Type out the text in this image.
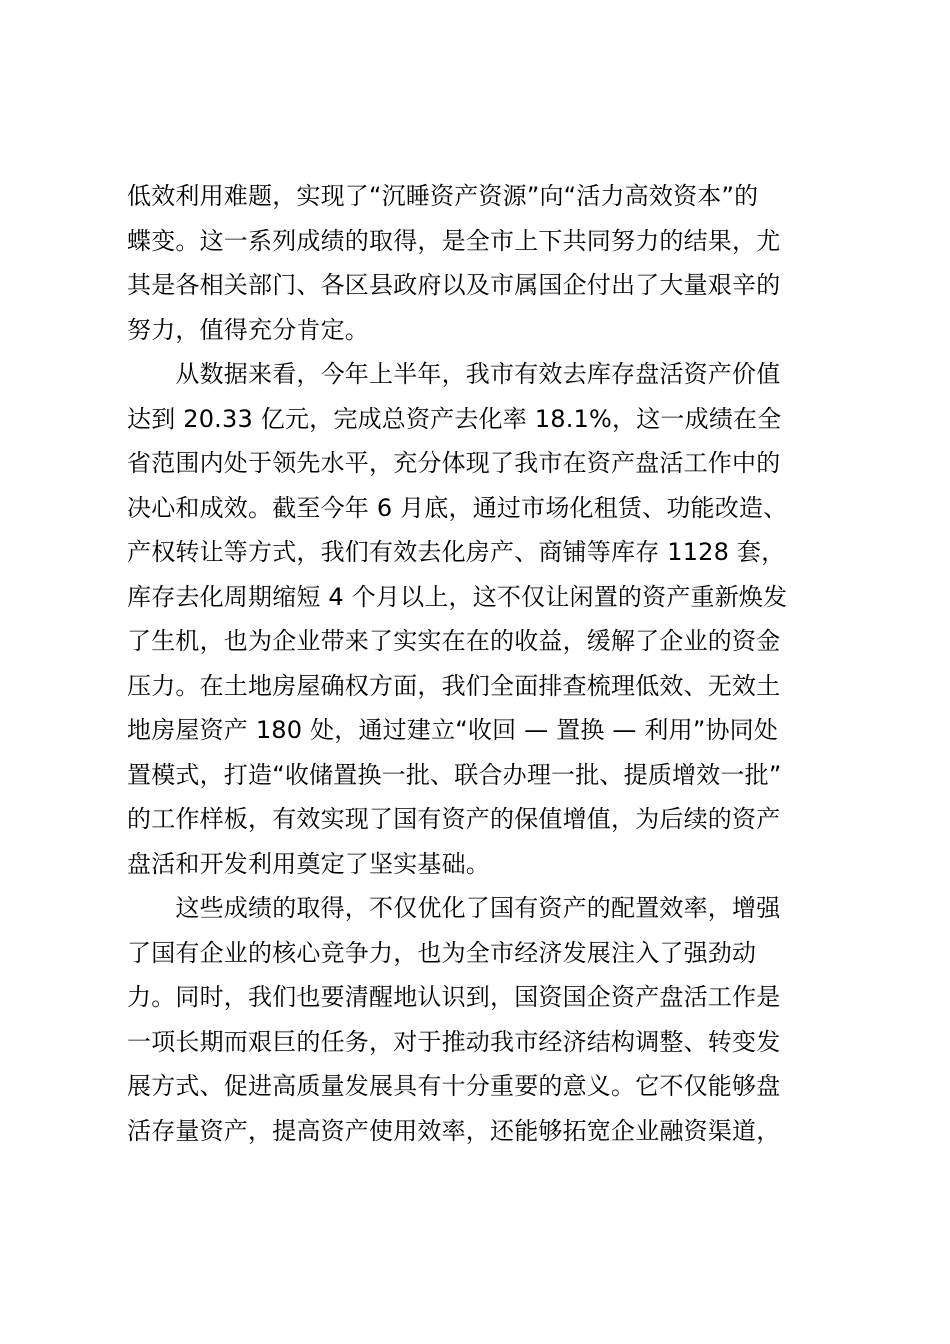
低效利用难题，实现了“沉睡资产资源”向“活力高效资本”的
蝶变。这一系列成绩的取得，是全市上下共同努力的结果，尤
其是各相关部门、各区县政府以及市属国企付出了大量艰辛的
努力，值得充分肯定。
　　从数据来看，今年上半年，我市有效去库存盘活资产价值
达到 20.33 亿元，完成总资产去化率 18.1%，这一成绩在全
省范围内处于领先水平，充分体现了我市在资产盘活工作中的
决心和成效。截至今年 6 月底，通过市场化租赁、功能改造、
产权转让等方式，我们有效去化房产、商铺等库存 1128 套，
库存去化周期缩短 4 个月以上，这不仅让闲置的资产重新焕发
了生机，也为企业带来了实实在在的收益，缓解了企业的资金
压力。在土地房屋确权方面，我们全面排查梳理低效、无效土
地房屋资产 180 处，通过建立“收回 — 置换 — 利用”协同处
置模式，打造“收储置换一批、联合办理一批、提质增效一批”
的工作样板，有效实现了国有资产的保值增值，为后续的资产
盘活和开发利用奠定了坚实基础。
　　这些成绩的取得，不仅优化了国有资产的配置效率，增强
了国有企业的核心竞争力，也为全市经济发展注入了强劲动
力。同时，我们也要清醒地认识到，国资国企资产盘活工作是
一项长期而艰巨的任务，对于推动我市经济结构调整、转变发
展方式、促进高质量发展具有十分重要的意义。它不仅能够盘
活存量资产，提高资产使用效率，还能够拓宽企业融资渠道，
